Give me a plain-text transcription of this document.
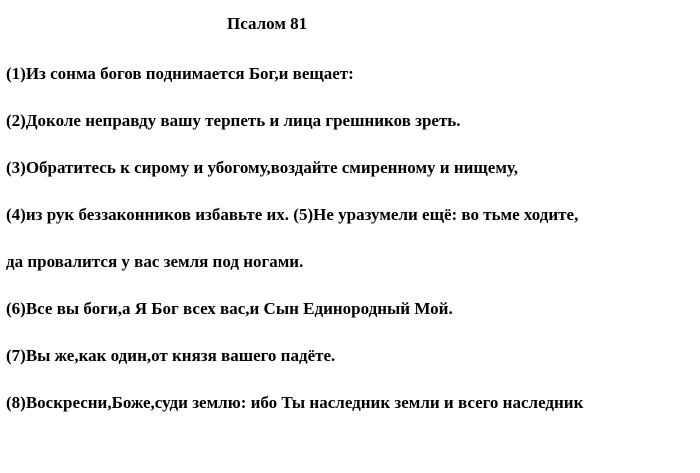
Псалом 81
(1)Из сонма богов поднимается Бог,и вещает:
(2)Доколе неправду вашу терпеть и лица грешников зреть.
(3)Обратитесь к сирому и убогому,воздайте смиренному и нищему,
(4)из рук беззаконников избавьте их. (5)Не уразумели ещё: во тьме ходите,
да провалится у вас земля под ногами.
(6)Все вы боги,а Я Бог всех вас,и Сын Единородный Мой.
(7)Вы же,как один,от князя вашего падёте.
(8)Воскресни,Боже,суди землю: ибо Ты наследник земли и всего наследник
